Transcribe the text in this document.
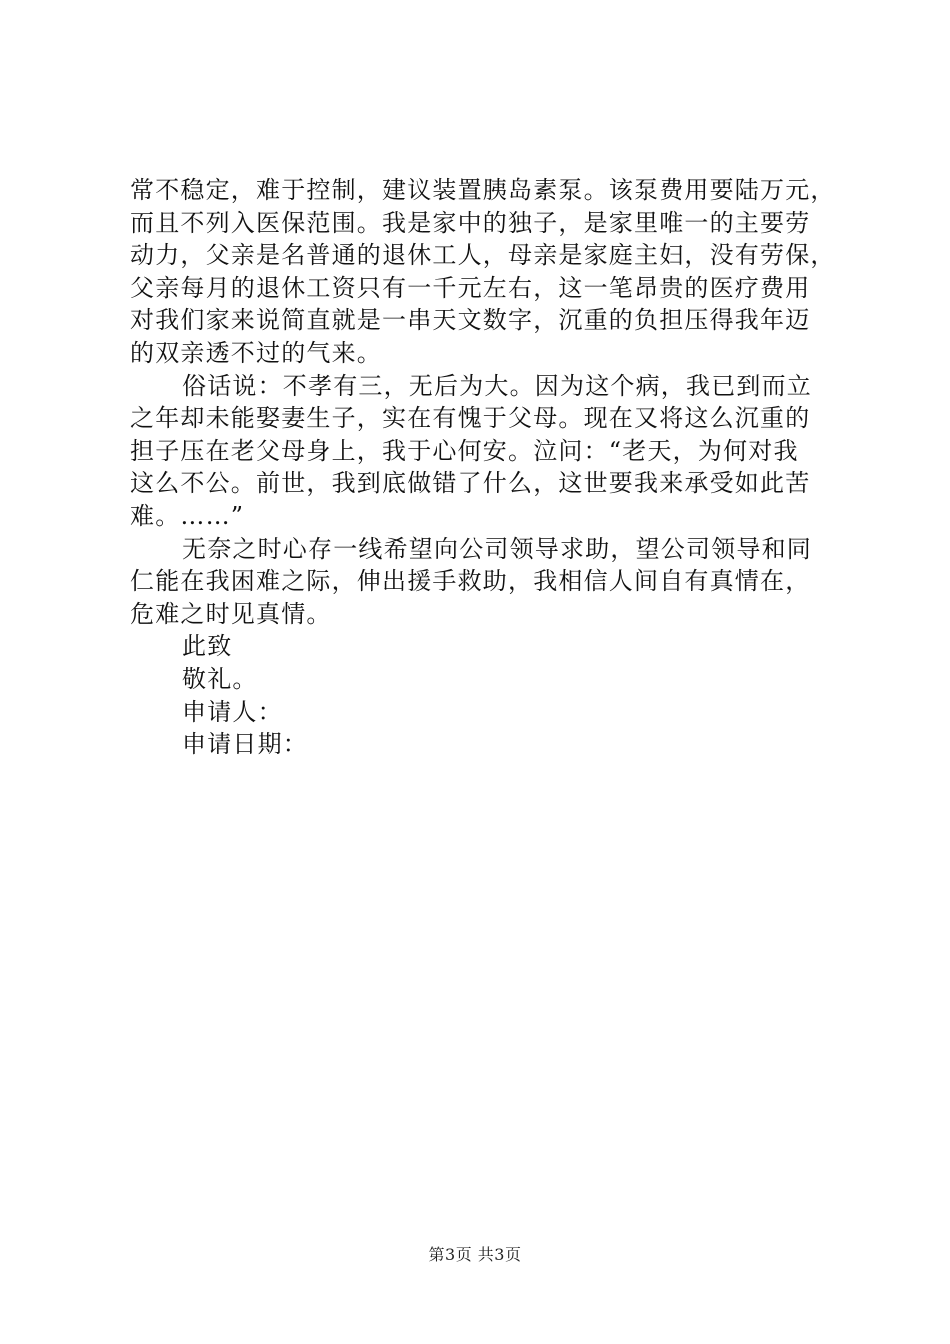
常不稳定，难于控制，建议装置胰岛素泵。该泵费用要陆万元，
而且不列入医保范围。我是家中的独子，是家里唯一的主要劳
动力，父亲是名普通的退休工人，母亲是家庭主妇，没有劳保，
父亲每月的退休工资只有一千元左右，这一笔昂贵的医疗费用
对我们家来说简直就是一串天文数字，沉重的负担压得我年迈
的双亲透不过的气来。
俗话说：不孝有三，无后为大。因为这个病，我已到而立
之年却未能娶妻生子，实在有愧于父母。现在又将这么沉重的
担子压在老父母身上，我于心何安。泣问：“老天，为何对我
这么不公。前世，我到底做错了什么，这世要我来承受如此苦
难。……”
无奈之时心存一线希望向公司领导求助，望公司领导和同
仁能在我困难之际，伸出援手救助，我相信人间自有真情在，
危难之时见真情。
此致
敬礼。
申请人：
申请日期：
第3页 共3页
